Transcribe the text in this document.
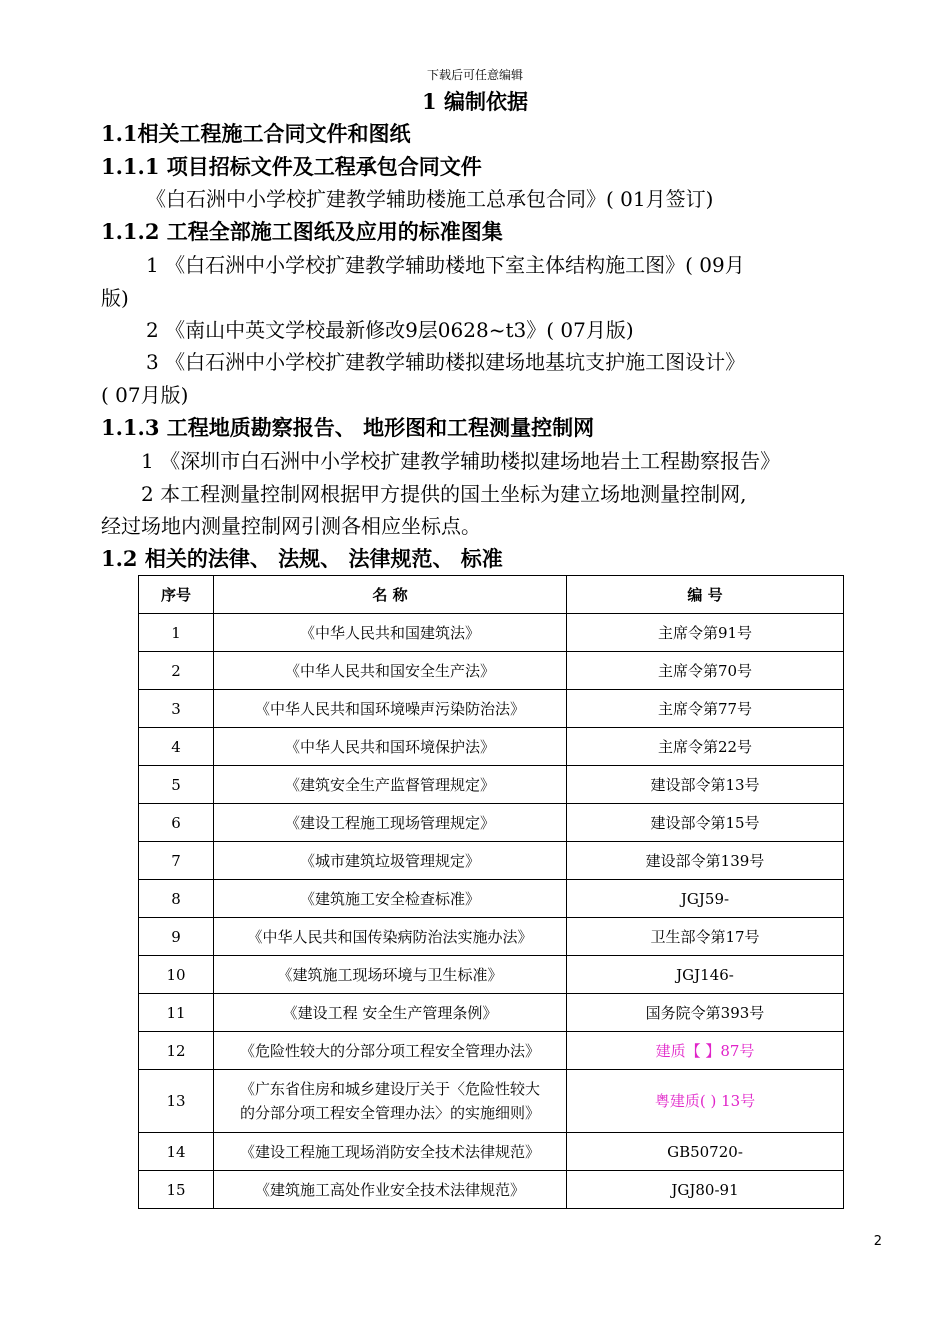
下载后可任意编辑
1 编制依据
1.1相关工程施工合同文件和图纸
1.1.1 项目招标文件及工程承包合同文件
《白石洲中小学校扩建教学辅助楼施工总承包合同》( 01月签订)
1.1.2 工程全部施工图纸及应用的标准图集
1 《白石洲中小学校扩建教学辅助楼地下室主体结构施工图》( 09月
版)
2 《南山中英文学校最新修改9层0628~t3》( 07月版)
3 《白石洲中小学校扩建教学辅助楼拟建场地基坑支护施工图设计》
( 07月版)
1.1.3 工程地质勘察报告、 地形图和工程测量控制网
1 《深圳市白石洲中小学校扩建教学辅助楼拟建场地岩土工程勘察报告》
2 本工程测量控制网根据甲方提供的国土坐标为建立场地测量控制网,
经过场地内测量控制网引测各相应坐标点。
1.2 相关的法律、 法规、 法律规范、 标准
序号	名 称	编 号
1	《中华人民共和国建筑法》	主席令第91号
2	《中华人民共和国安全生产法》	主席令第70号
3	《中华人民共和国环境噪声污染防治法》	主席令第77号
4	《中华人民共和国环境保护法》	主席令第22号
5	《建筑安全生产监督管理规定》	建设部令第13号
6	《建设工程施工现场管理规定》	建设部令第15号
7	《城市建筑垃圾管理规定》	建设部令第139号
8	《建筑施工安全检查标准》	JGJ59-
9	《中华人民共和国传染病防治法实施办法》	卫生部令第17号
10	《建筑施工现场环境与卫生标准》	JGJ146-
11	《建设工程 安全生产管理条例》	国务院令第393号
12	《危险性较大的分部分项工程安全管理办法》	建质【 】87号
13	《广东省住房和城乡建设厅关于〈危险性较大
的分部分项工程安全管理办法〉的实施细则》	粤建质( ) 13号
14	《建设工程施工现场消防安全技术法律规范》	GB50720-
15	《建筑施工高处作业安全技术法律规范》	JGJ80-91
2
